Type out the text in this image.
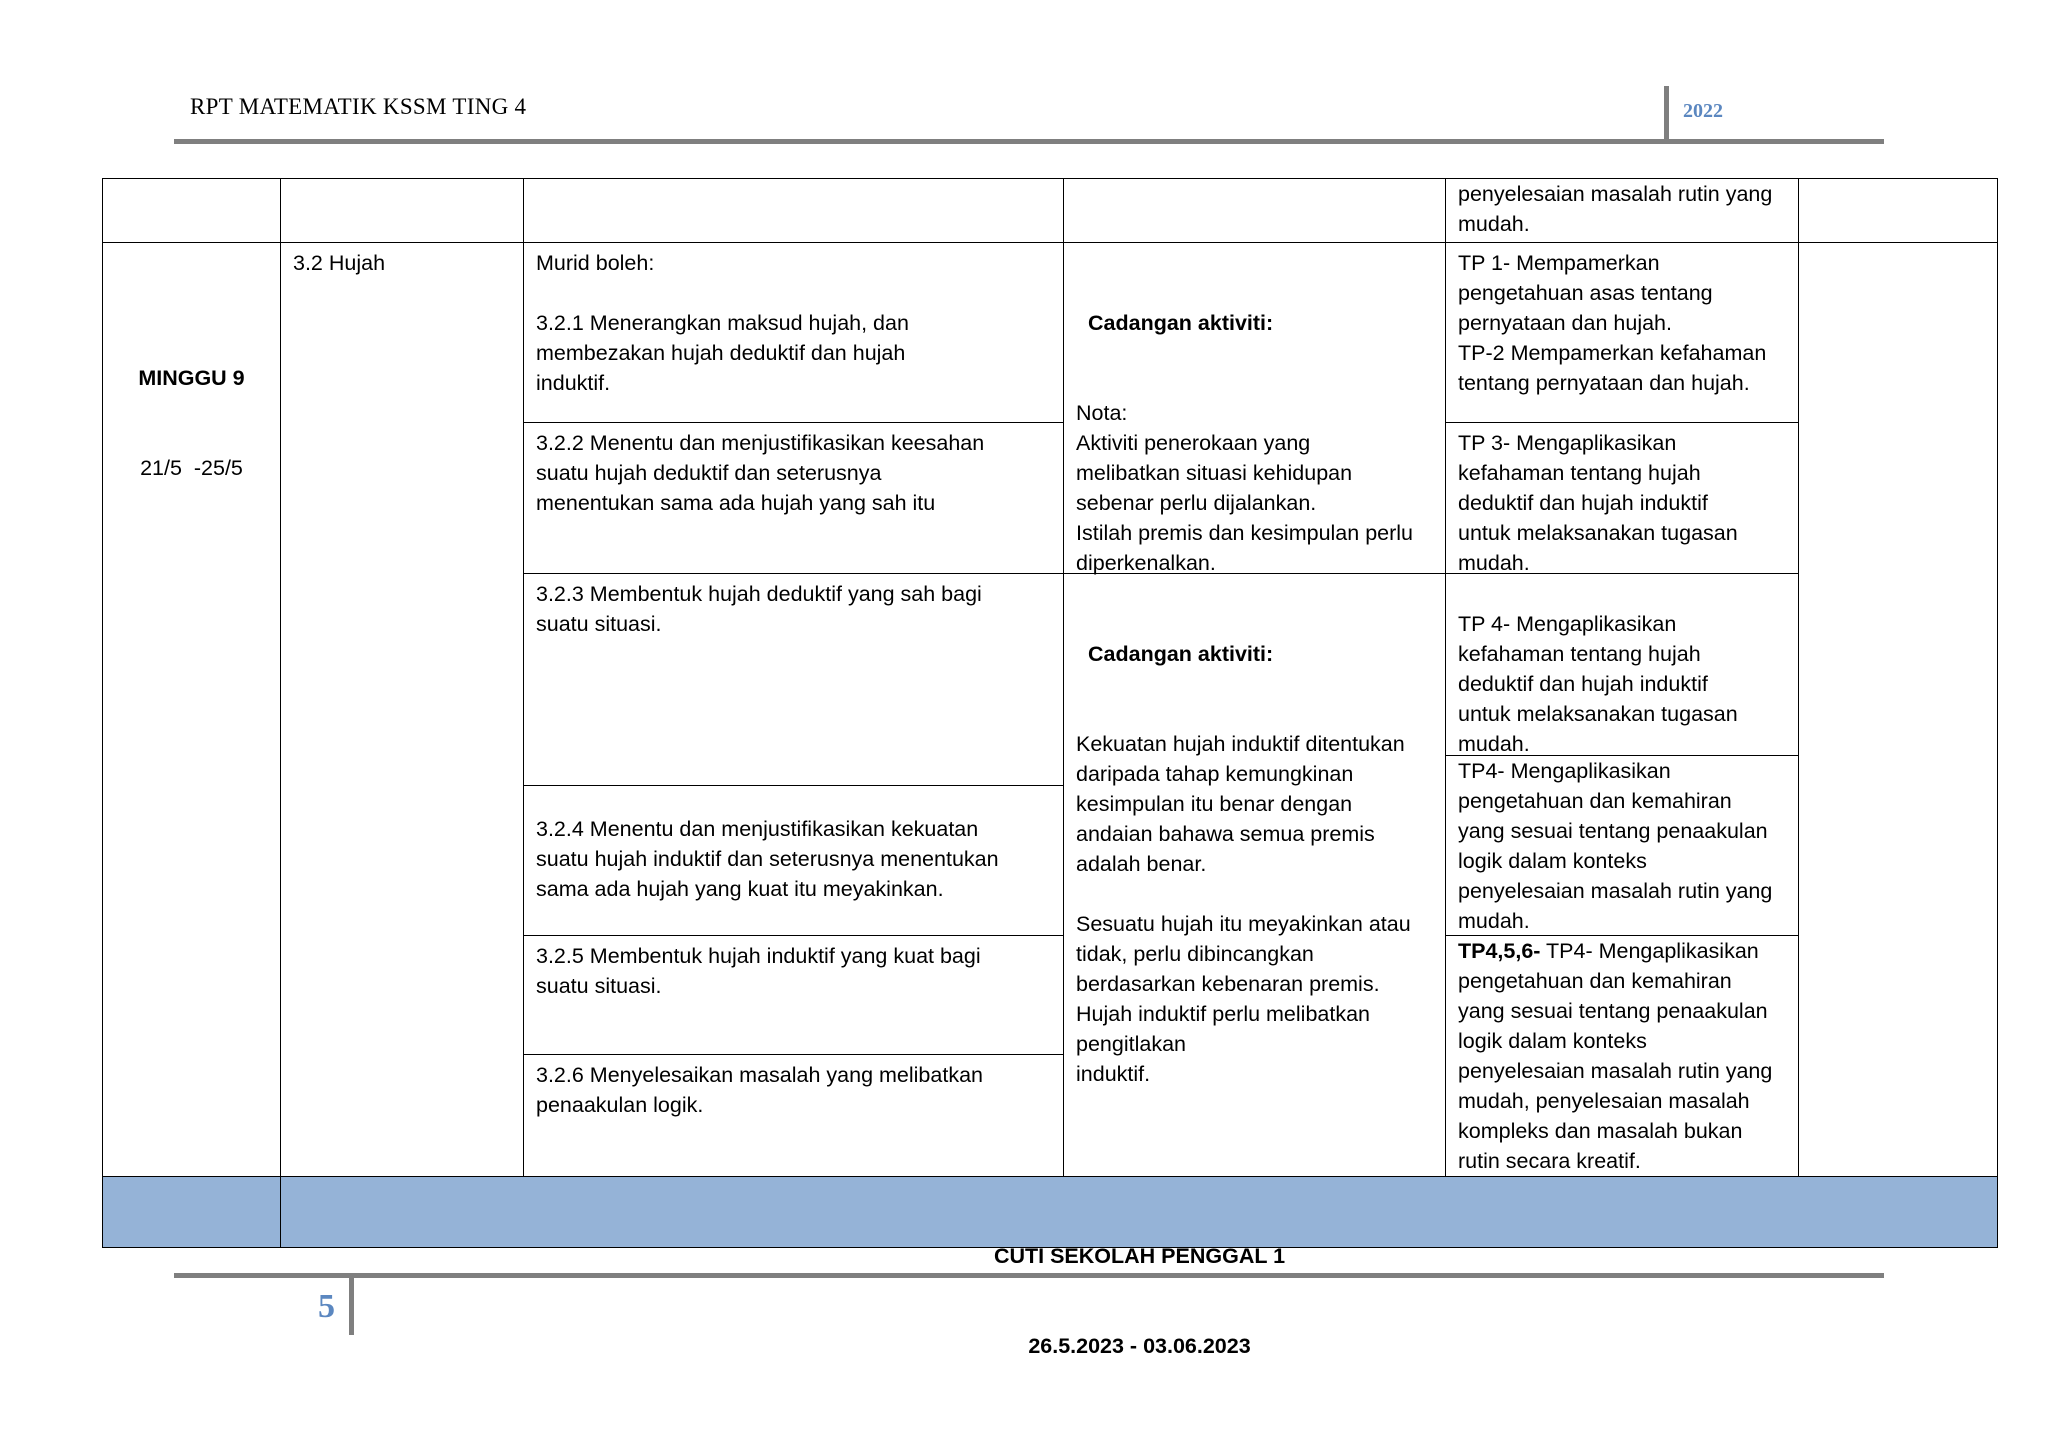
RPT MATEMATIK KSSM TING 4	2022
penyelesaian masalah rutin yang
mudah.

MINGGU 9

21/5  -25/5

3.2 Hujah	Murid boleh:

3.2.1 Menerangkan maksud hujah, dan
membezakan hujah deduktif dan hujah
induktif.
3.2.2 Menentu dan menjustifikasikan keesahan
suatu hujah deduktif dan seterusnya
menentukan sama ada hujah yang sah itu
3.2.3 Membentuk hujah deduktif yang sah bagi
suatu situasi.
3.2.4 Menentu dan menjustifikasikan kekuatan
suatu hujah induktif dan seterusnya menentukan
sama ada hujah yang kuat itu meyakinkan.
3.2.5 Membentuk hujah induktif yang kuat bagi
suatu situasi.
3.2.6 Menyelesaikan masalah yang melibatkan
penaakulan logik.

Cadangan aktiviti:

Nota:
Aktiviti penerokaan yang
melibatkan situasi kehidupan
sebenar perlu dijalankan.
Istilah premis dan kesimpulan perlu
diperkenalkan.

Cadangan aktiviti:

Kekuatan hujah induktif ditentukan
daripada tahap kemungkinan
kesimpulan itu benar dengan
andaian bahawa semua premis
adalah benar.

Sesuatu hujah itu meyakinkan atau
tidak, perlu dibincangkan
berdasarkan kebenaran premis.
Hujah induktif perlu melibatkan
pengitlakan
induktif.

TP 1- Mempamerkan
pengetahuan asas tentang
pernyataan dan hujah.
TP-2 Mempamerkan kefahaman
tentang pernyataan dan hujah.
TP 3- Mengaplikasikan
kefahaman tentang hujah
deduktif dan hujah induktif
untuk melaksanakan tugasan
mudah.

TP 4- Mengaplikasikan
kefahaman tentang hujah
deduktif dan hujah induktif
untuk melaksanakan tugasan
mudah.
TP4- Mengaplikasikan
pengetahuan dan kemahiran
yang sesuai tentang penaakulan
logik dalam konteks
penyelesaian masalah rutin yang
mudah.
TP4,5,6- TP4- Mengaplikasikan
pengetahuan dan kemahiran
yang sesuai tentang penaakulan
logik dalam konteks
penyelesaian masalah rutin yang
mudah, penyelesaian masalah
kompleks dan masalah bukan
rutin secara kreatif.

CUTI SEKOLAH PENGGAL 1

26.5.2023 - 03.06.2023

5
